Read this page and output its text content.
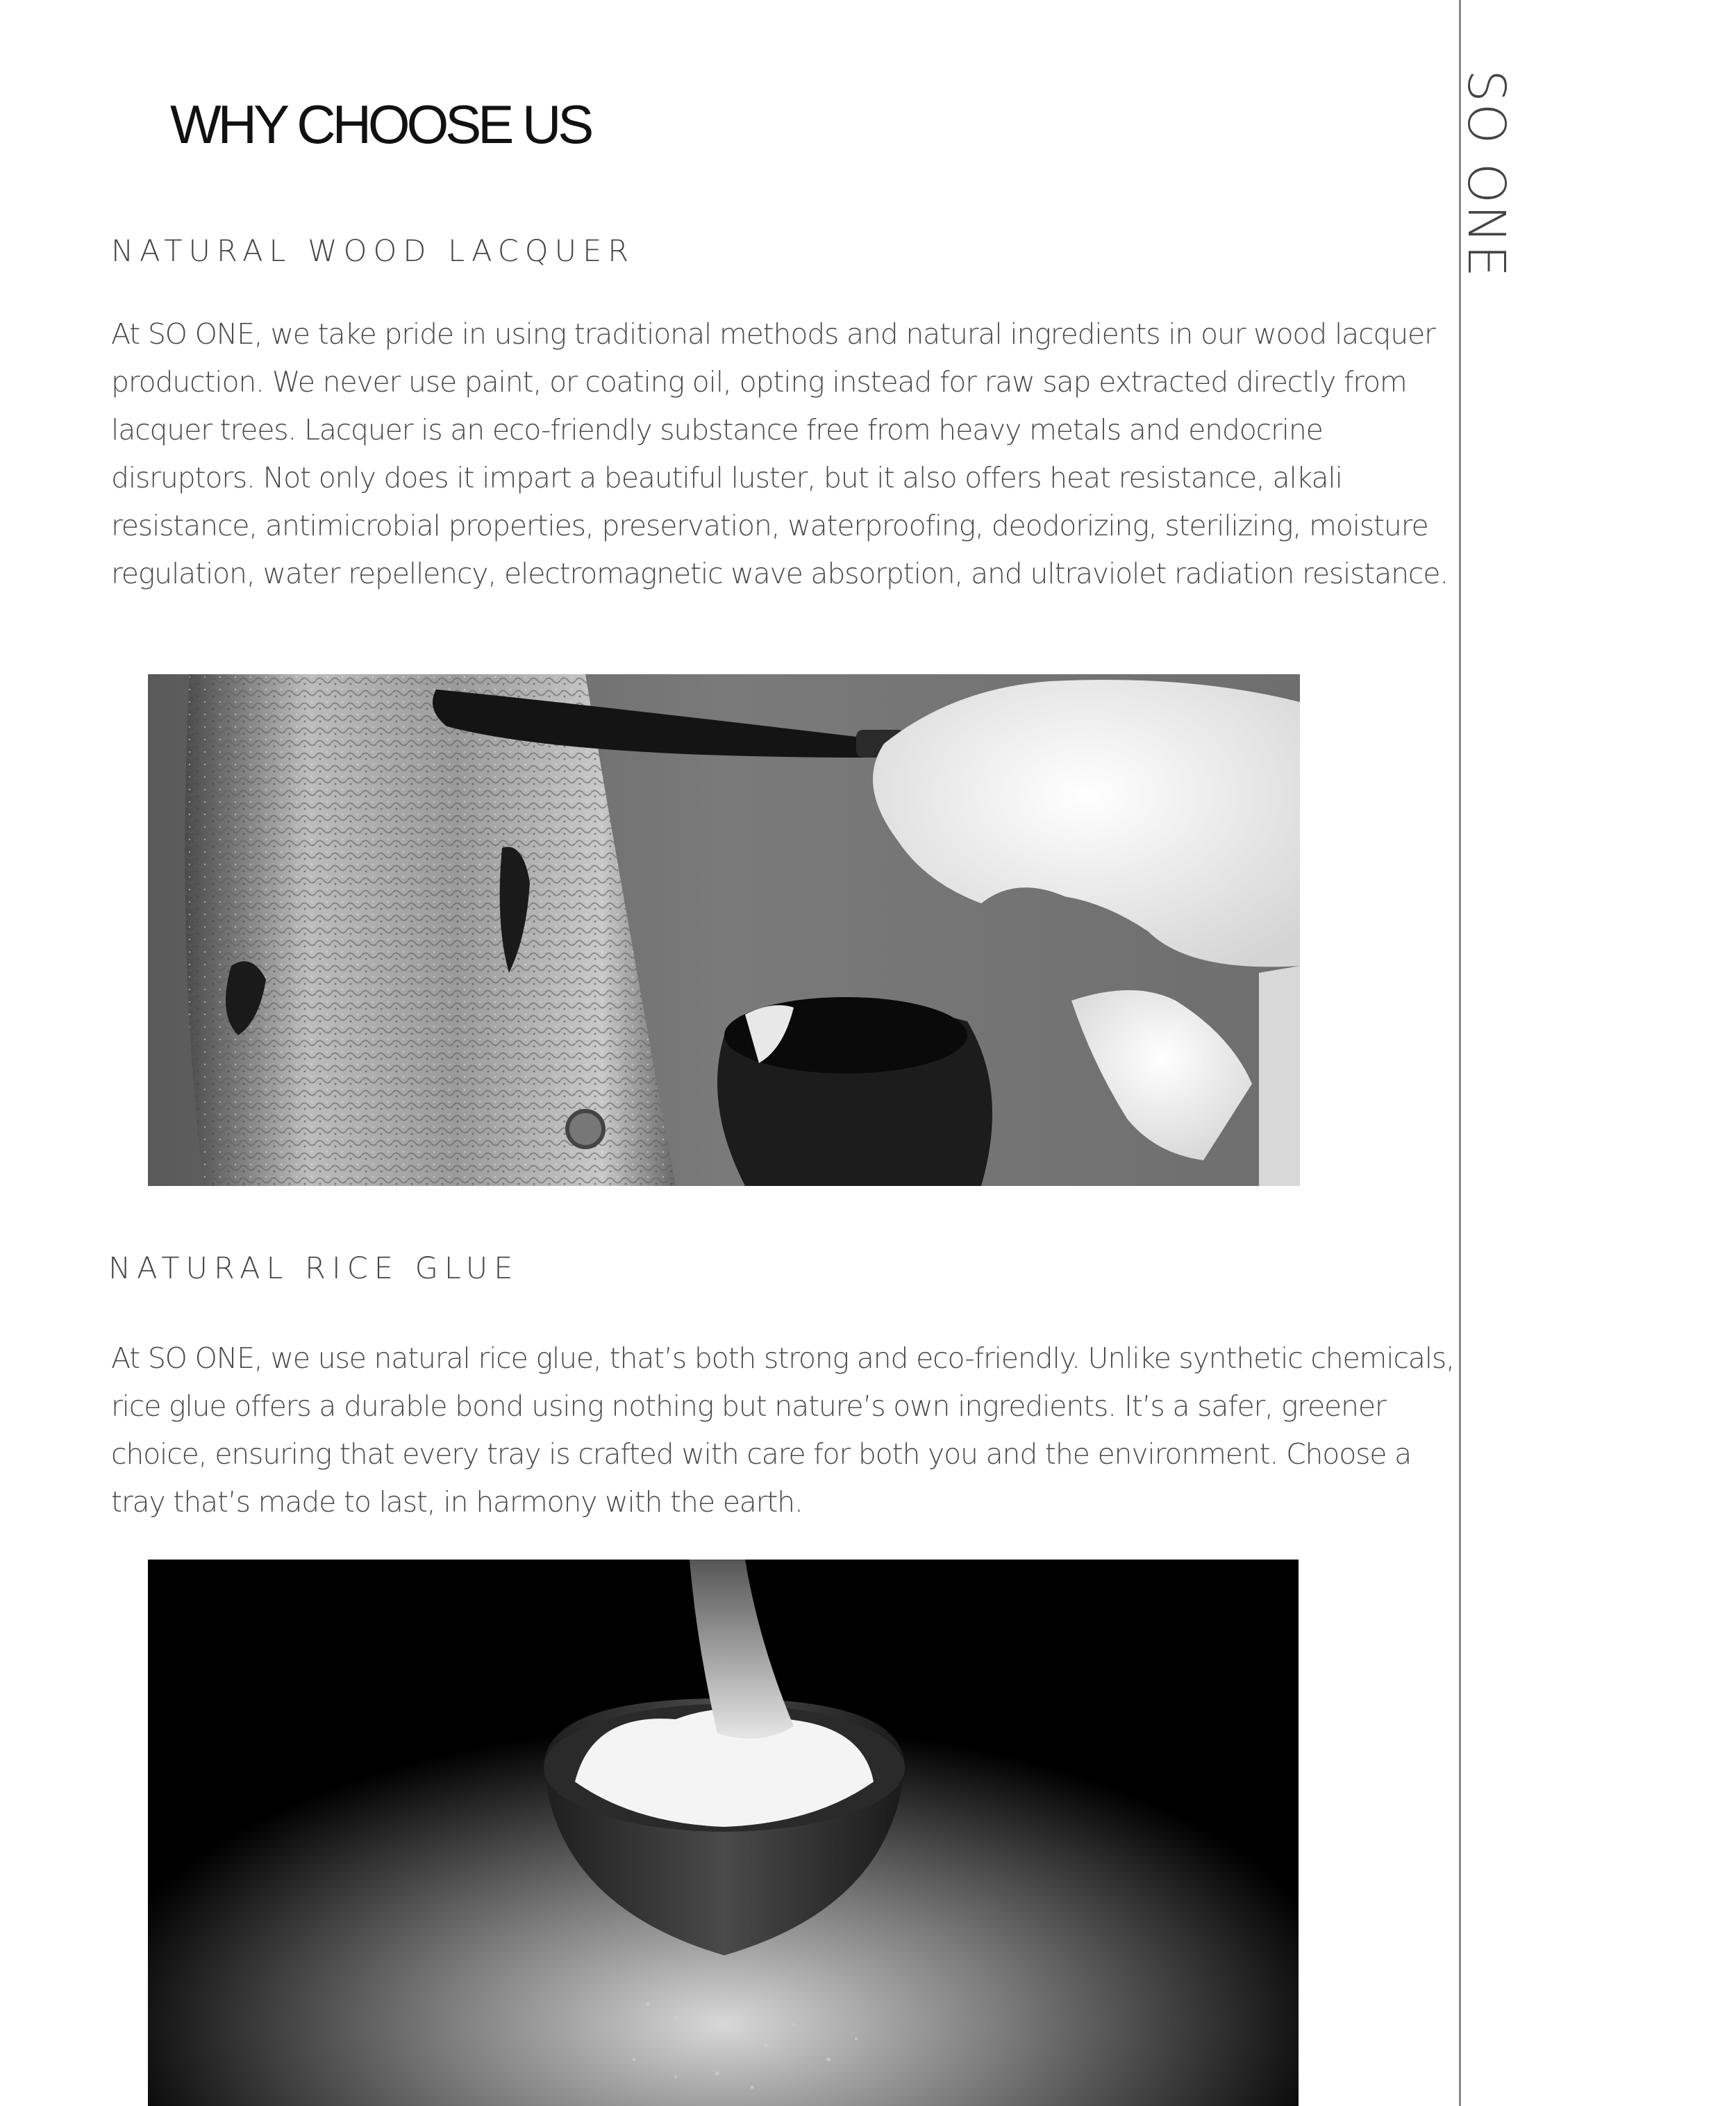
WHY CHOOSE US
NATURAL WOOD LACQUER

At SO ONE, we take pride in using traditional methods and natural ingredients in our wood lacquer production. We never use paint, or coating oil, opting instead for raw sap extracted directly from lacquer trees. Lacquer is an eco-friendly substance free from heavy metals and endocrine disruptors. Not only does it impart a beautiful luster, but it also offers heat resistance, alkali resistance, antimicrobial properties, preservation, waterproofing, deodorizing, sterilizing, moisture regulation, water repellency, electromagnetic wave absorption, and ultraviolet radiation resistance.

NATURAL RICE GLUE

At SO ONE, we use natural rice glue, that’s both strong and eco-friendly. Unlike synthetic chemicals, rice glue offers a durable bond using nothing but nature’s own ingredients. It’s a safer, greener choice, ensuring that every tray is crafted with care for both you and the environment. Choose a tray that’s made to last, in harmony with the earth.

SO ONE
